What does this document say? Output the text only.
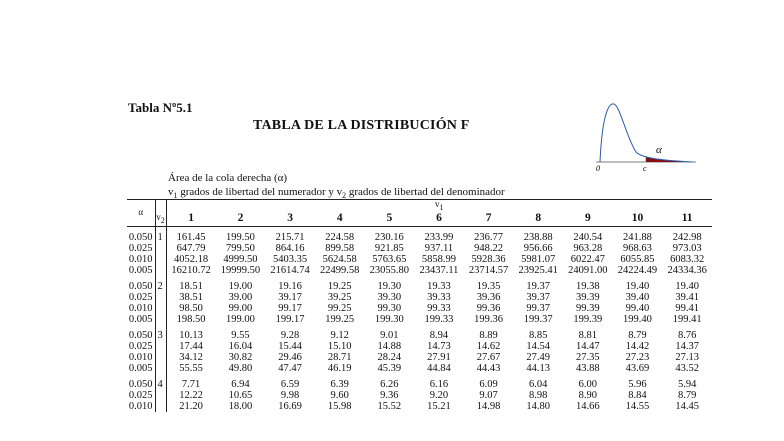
Tabla Nº5.1
TABLA DE LA DISTRIBUCIÓN F
α
0	c
Área de la cola derecha (α)
$v_1$ grados de libertad del numerador y $v_2$ grados de libertad del denominador
α		$v_1$
	$v_2$	1	2	3	4	5	6	7	8	9	10	11
0.050	1	161.45	199.50	215.71	224.58	230.16	233.99	236.77	238.88	240.54	241.88	242.98
0.025		647.79	799.50	864.16	899.58	921.85	937.11	948.22	956.66	963.28	968.63	973.03
0.010		4052.18	4999.50	5403.35	5624.58	5763.65	5858.99	5928.36	5981.07	6022.47	6055.85	6083.32
0.005		16210.72	19999.50	21614.74	22499.58	23055.80	23437.11	23714.57	23925.41	24091.00	24224.49	24334.36
0.050	2	18.51	19.00	19.16	19.25	19.30	19.33	19.35	19.37	19.38	19.40	19.40
0.025		38.51	39.00	39.17	39.25	39.30	39.33	39.36	39.37	39.39	39.40	39.41
0.010		98.50	99.00	99.17	99.25	99.30	99.33	99.36	99.37	99.39	99.40	99.41
0.005		198.50	199.00	199.17	199.25	199.30	199.33	199.36	199.37	199.39	199.40	199.41
0.050	3	10.13	9.55	9.28	9.12	9.01	8.94	8.89	8.85	8.81	8.79	8.76
0.025		17.44	16.04	15.44	15.10	14.88	14.73	14.62	14.54	14.47	14.42	14.37
0.010		34.12	30.82	29.46	28.71	28.24	27.91	27.67	27.49	27.35	27.23	27.13
0.005		55.55	49.80	47.47	46.19	45.39	44.84	44.43	44.13	43.88	43.69	43.52
0.050	4	7.71	6.94	6.59	6.39	6.26	6.16	6.09	6.04	6.00	5.96	5.94
0.025		12.22	10.65	9.98	9.60	9.36	9.20	9.07	8.98	8.90	8.84	8.79
0.010		21.20	18.00	16.69	15.98	15.52	15.21	14.98	14.80	14.66	14.55	14.45
